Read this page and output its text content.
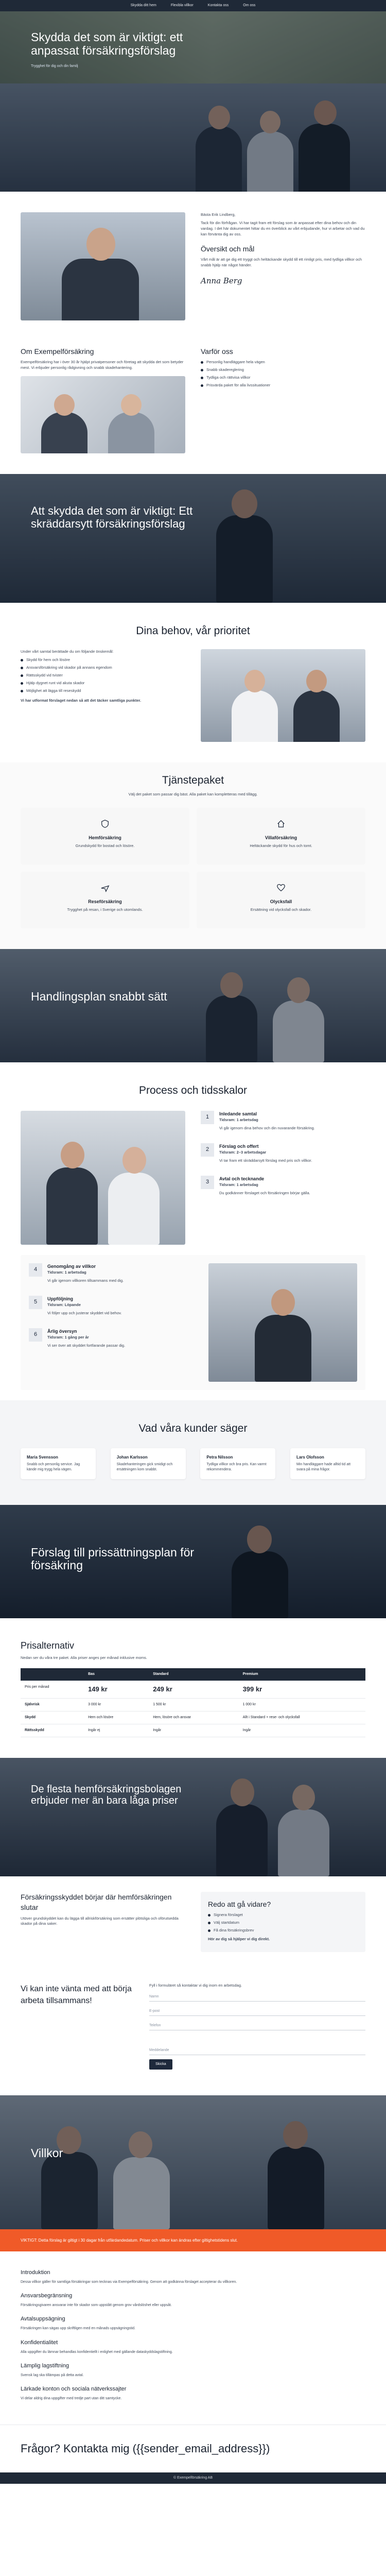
Skydda ditt hem	Flexibla villkor	Kontakta oss	Om oss
Skydda det som är viktigt: ett anpassat försäkringsförslag
Trygghet för dig och din familj

Bästa Erik Lindberg,

Tack för din förfrågan. Vi har tagit fram ett förslag som är anpassat efter dina behov och din vardag. I det här dokumentet hittar du en överblick av vårt erbjudande, hur vi arbetar och vad du kan förvänta dig av oss.

Översikt och mål

Vårt mål är att ge dig ett tryggt och heltäckande skydd till ett rimligt pris, med tydliga villkor och snabb hjälp när något händer.

Anna Berg
Om Exempelförsäkring

Exempelförsäkring har i över 30 år hjälpt privatpersoner och företag att skydda det som betyder mest. Vi erbjuder personlig rådgivning och snabb skadehantering.

Varför oss
Personlig handläggare hela vägen
Snabb skadereglering
Tydliga och rättvisa villkor
Prisvärda paket för alla livssituationer
Att skydda det som är viktigt: Ett skräddarsytt försäkringsförslag
Dina behov, vår prioritet

Under vårt samtal berättade du om följande önskemål:

Skydd för hem och lösöre
Ansvarsförsäkring vid skador på annans egendom
Rättsskydd vid tvister
Hjälp dygnet runt vid akuta skador
Möjlighet att lägga till reseskydd

Vi har utformat förslaget nedan så att det täcker samtliga punkter.

Tjänstepaket

Välj det paket som passar dig bäst. Alla paket kan kompletteras med tillägg.

Hemförsäkring

Grundskydd för bostad och lösöre.

Villaförsäkring

Heltäckande skydd för hus och tomt.

Reseförsäkring

Trygghet på resan, i Sverige och utomlands.

Olycksfall

Ersättning vid olycksfall och skador.

Handlingsplan snabbt sätt
Process och tidsskalor
1
Inledande samtal

Tidsram: 1 arbetsdag

Vi går igenom dina behov och din nuvarande försäkring.

2
Förslag och offert

Tidsram: 2–3 arbetsdagar

Vi tar fram ett skräddarsytt förslag med pris och villkor.

3
Avtal och tecknande

Tidsram: 1 arbetsdag

Du godkänner förslaget och försäkringen börjar gälla.

4
Genomgång av villkor

Tidsram: 1 arbetsdag

Vi går igenom villkoren tillsammans med dig.

5
Uppföljning

Tidsram: Löpande

Vi följer upp och justerar skyddet vid behov.

6
Årlig översyn

Tidsram: 1 gång per år

Vi ser över att skyddet fortfarande passar dig.

Vad våra kunder säger
Maria Svensson
Snabb och personlig service. Jag kände mig trygg hela vägen.
Johan Karlsson
Skadehanteringen gick smidigt och ersättningen kom snabbt.
Petra Nilsson
Tydliga villkor och bra pris. Kan varmt rekommendera.
Lars Olofsson
Min handläggare hade alltid tid att svara på mina frågor.
Förslag till prissättningsplan för försäkring
Prisalternativ

Nedan ser du våra tre paket. Alla priser anges per månad inklusive moms.

	Bas	Standard	Premium
Pris per månad	149 kr	249 kr	399 kr
Självrisk	3 000 kr	1 500 kr	1 000 kr
Skydd	Hem och lösöre	Hem, lösöre och ansvar	Allt i Standard + rese- och olycksfall
Rättsskydd	Ingår ej	Ingår	Ingår
De flesta hemförsäkringsbolagen erbjuder mer än bara låga priser
Försäkringsskyddet börjar där hemförsäkringen slutar

Utöver grundskyddet kan du lägga till allriskförsäkring som ersätter plötsliga och oförutsedda skador på dina saker.

Redo att gå vidare?
Signera förslaget
Välj startdatum
Få dina försäkringsbrev

Hör av dig så hjälper vi dig direkt.

Vi kan inte vänta med att börja arbeta tillsammans!

Fyll i formuläret så kontaktar vi dig inom en arbetsdag.

Namn
E-post
Telefon
Meddelande
Skicka
Villkor

VIKTIGT: Detta förslag är giltigt i 30 dagar från utfärdandedatum. Priser och villkor kan ändras efter giltighetstidens slut.

Introduktion

Dessa villkor gäller för samtliga försäkringar som tecknas via Exempelförsäkring. Genom att godkänna förslaget accepterar du villkoren.

Ansvarsbegränsning

Försäkringsgivaren ansvarar inte för skador som uppstått genom grov vårdslöshet eller uppsåt.

Avtalsuppsägning

Försäkringen kan sägas upp skriftligen med en månads uppsägningstid.

Konfidentialitet

Alla uppgifter du lämnar behandlas konfidentiellt i enlighet med gällande dataskyddslagstiftning.

Lämplig lagstiftning

Svensk lag ska tillämpas på detta avtal.

Lärkade konton och sociala nätverkssajter

Vi delar aldrig dina uppgifter med tredje part utan ditt samtycke.

Frågor? Kontakta mig ({{sender_email_address}})
© Exempelförsäkring AB
